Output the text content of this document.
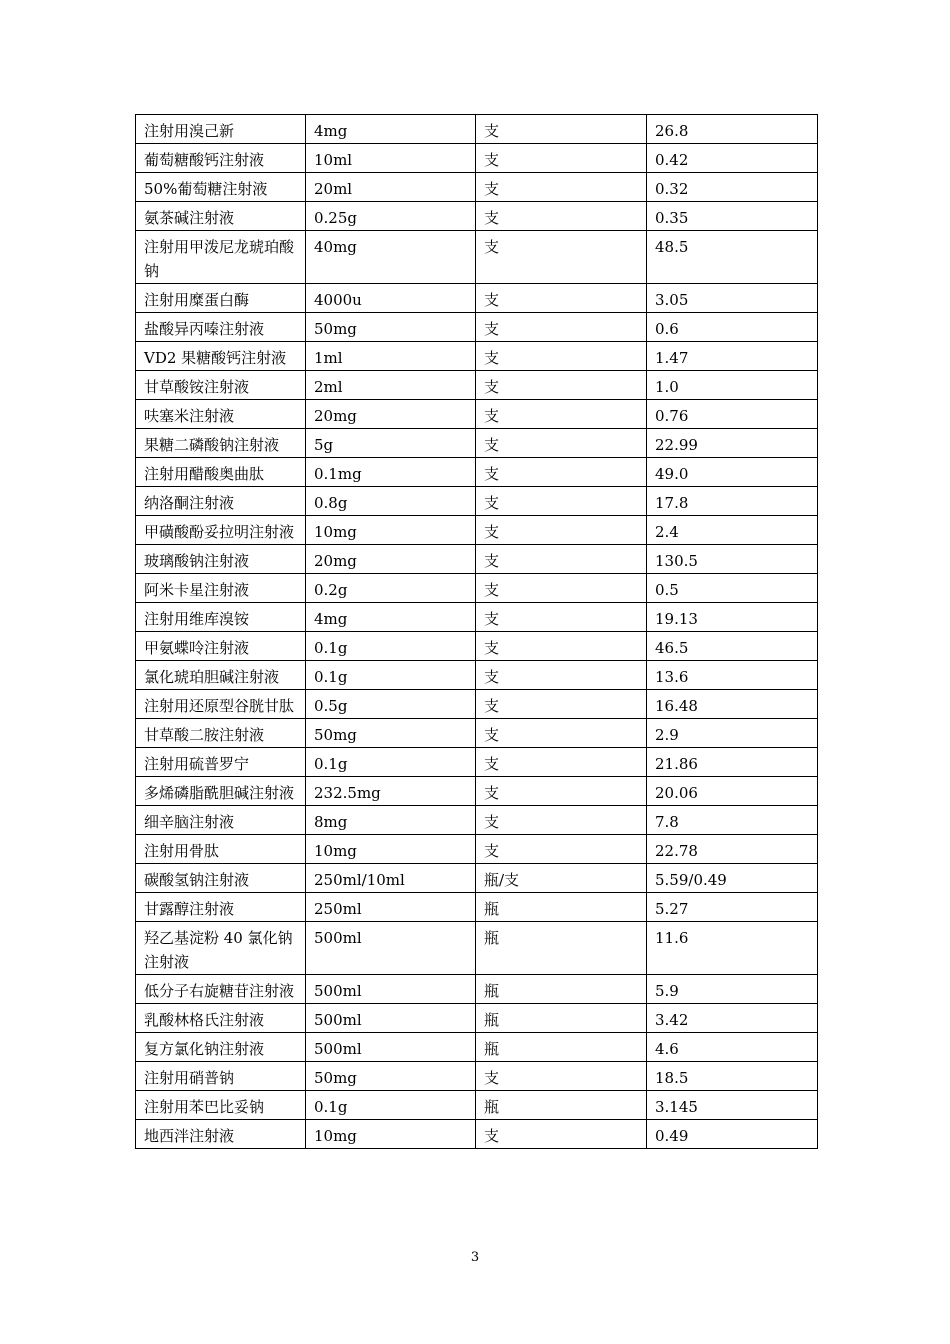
注射用溴己新	4mg	支	26.8
葡萄糖酸钙注射液	10ml	支	0.42
50%葡萄糖注射液	20ml	支	0.32
氨茶碱注射液	0.25g	支	0.35
注射用甲泼尼龙琥珀酸钠	40mg	支	48.5
注射用糜蛋白酶	4000u	支	3.05
盐酸异丙嗪注射液	50mg	支	0.6
VD2 果糖酸钙注射液	1ml	支	1.47
甘草酸铵注射液	2ml	支	1.0
呋塞米注射液	20mg	支	0.76
果糖二磷酸钠注射液	5g	支	22.99
注射用醋酸奥曲肽	0.1mg	支	49.0
纳洛酮注射液	0.8g	支	17.8
甲磺酸酚妥拉明注射液	10mg	支	2.4
玻璃酸钠注射液	20mg	支	130.5
阿米卡星注射液	0.2g	支	0.5
注射用维库溴铵	4mg	支	19.13
甲氨蝶呤注射液	0.1g	支	46.5
氯化琥珀胆碱注射液	0.1g	支	13.6
注射用还原型谷胱甘肽	0.5g	支	16.48
甘草酸二胺注射液	50mg	支	2.9
注射用硫普罗宁	0.1g	支	21.86
多烯磷脂酰胆碱注射液	232.5mg	支	20.06
细辛脑注射液	8mg	支	7.8
注射用骨肽	10mg	支	22.78
碳酸氢钠注射液	250ml/10ml	瓶/支	5.59/0.49
甘露醇注射液	250ml	瓶	5.27
羟乙基淀粉 40 氯化钠注射液	500ml	瓶	11.6
低分子右旋糖苷注射液	500ml	瓶	5.9
乳酸林格氏注射液	500ml	瓶	3.42
复方氯化钠注射液	500ml	瓶	4.6
注射用硝普钠	50mg	支	18.5
注射用苯巴比妥钠	0.1g	瓶	3.145
地西泮注射液	10mg	支	0.49
3
